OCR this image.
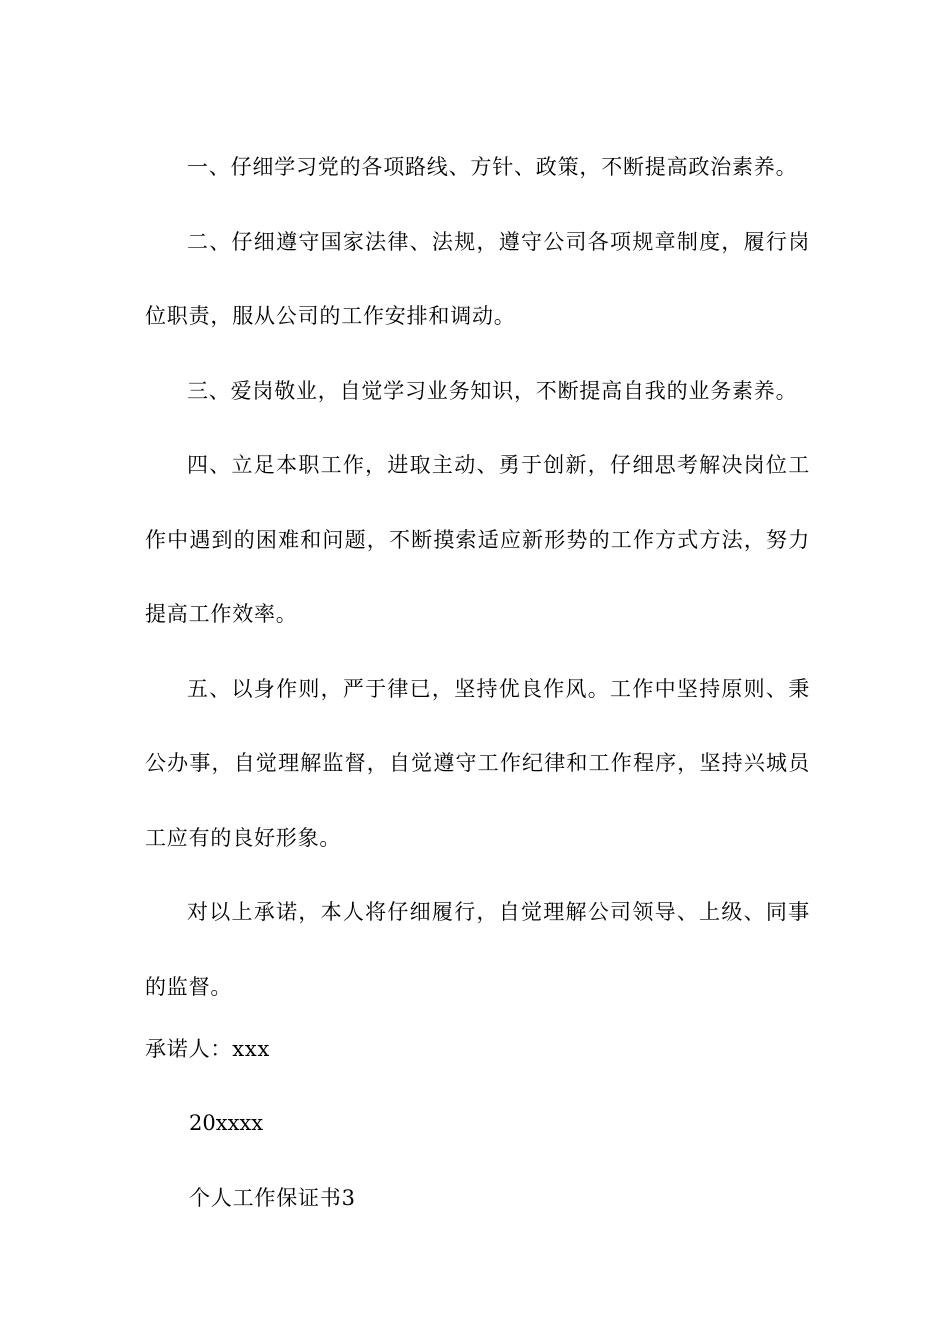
一、仔细学习党的各项路线、方针、政策，不断提高政治素养。

二、仔细遵守国家法律、法规，遵守公司各项规章制度，履行岗位职责，服从公司的工作安排和调动。

三、爱岗敬业，自觉学习业务知识，不断提高自我的业务素养。

四、立足本职工作，进取主动、勇于创新，仔细思考解决岗位工作中遇到的困难和问题，不断摸索适应新形势的工作方式方法，努力提高工作效率。

五、以身作则，严于律已，坚持优良作风。工作中坚持原则、秉公办事，自觉理解监督，自觉遵守工作纪律和工作程序，坚持兴城员工应有的良好形象。

对以上承诺，本人将仔细履行，自觉理解公司领导、上级、同事的监督。

承诺人：xxx
20xxxx
个人工作保证书3
